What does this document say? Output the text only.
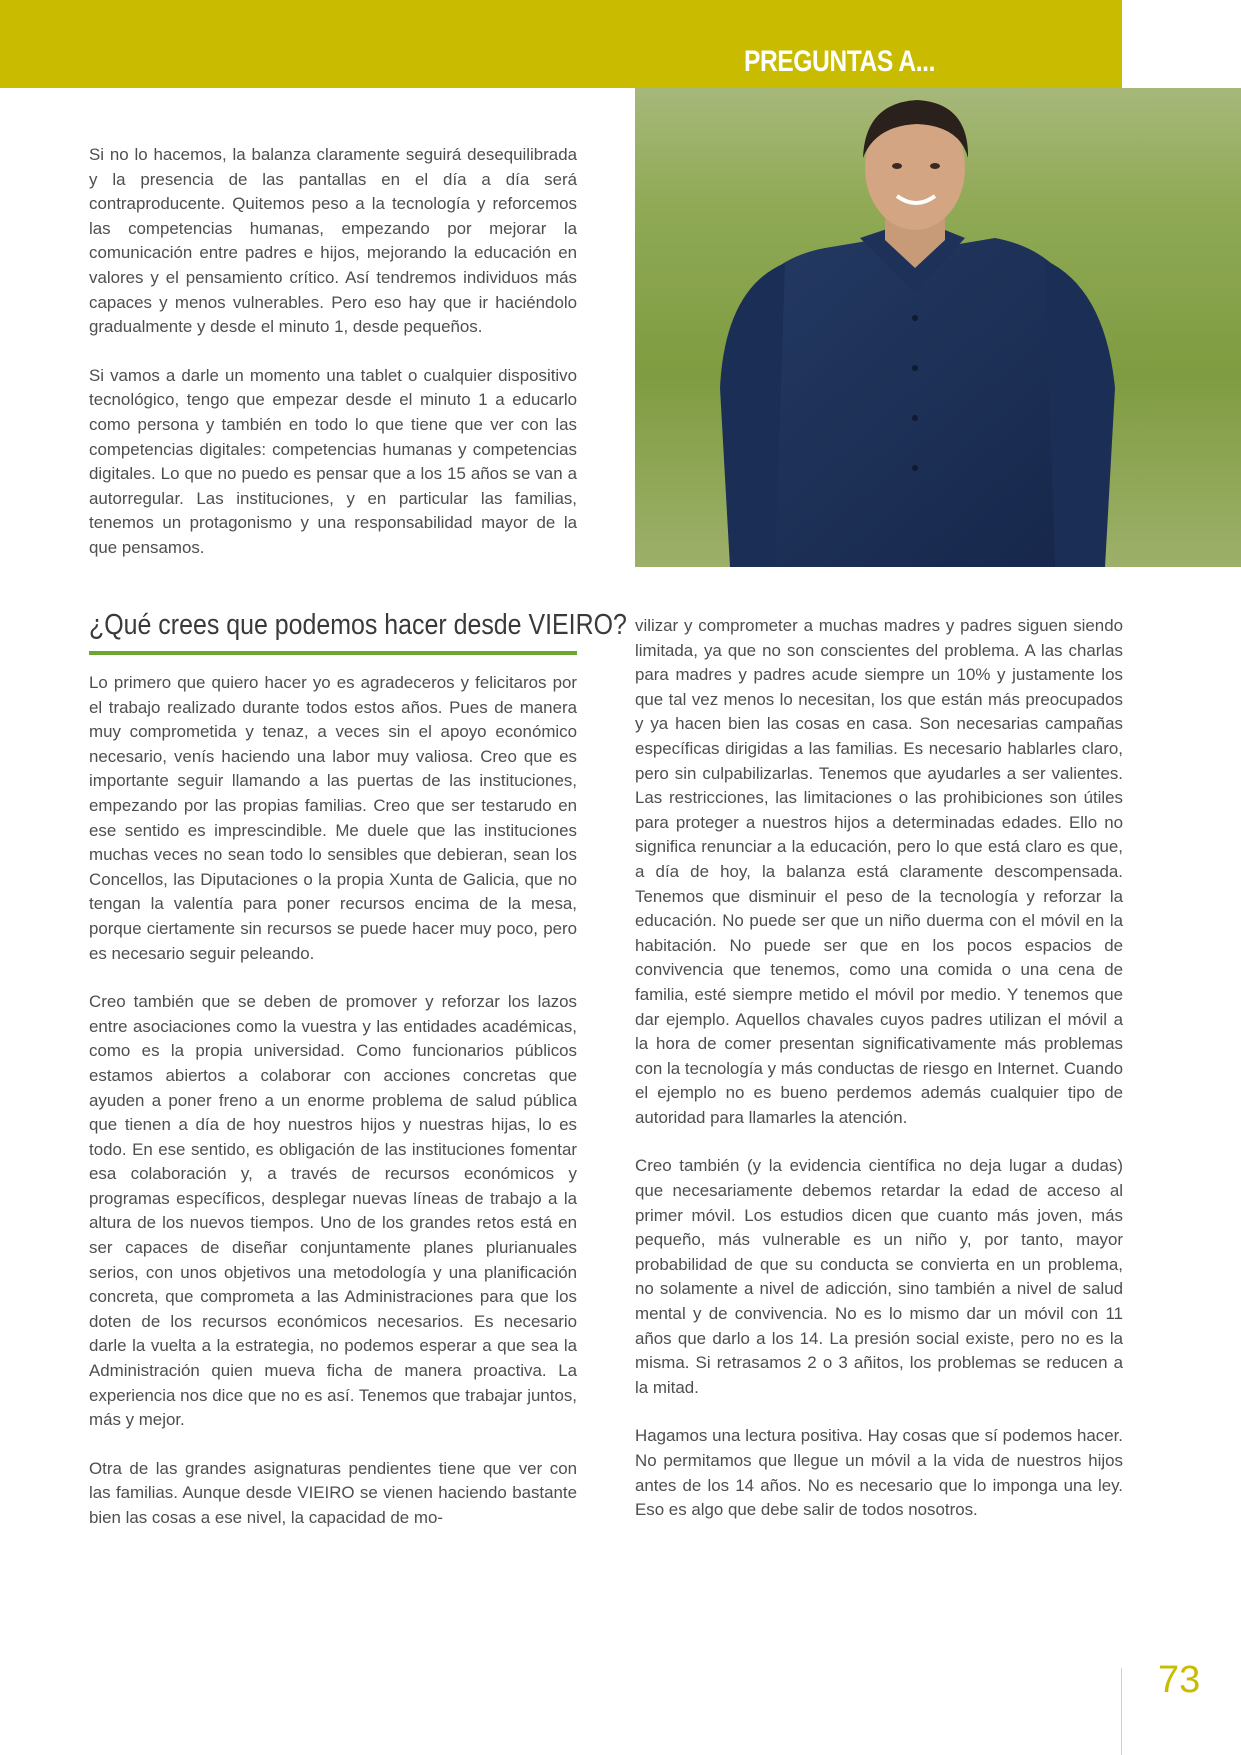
PREGUNTAS A...

Si no lo hacemos, la balanza claramente seguirá desequilibrada y la presencia de las pantallas en el día a día será contraproducente. Quitemos peso a la tecnología y reforcemos las competencias humanas, empezando por mejorar la comunicación entre padres e hijos, mejorando la educación en valores y el pensamiento crítico. Así tendremos individuos más capaces y menos vulnerables. Pero eso hay que ir haciéndolo gradualmente y desde el minuto 1, desde pequeños.

Si vamos a darle un momento una tablet o cualquier dispositivo tecnológico, tengo que empezar desde el minuto 1 a educarlo como persona y también en todo lo que tiene que ver con las competencias digitales: competencias humanas y competencias digitales. Lo que no puedo es pensar que a los 15 años se van a autorregular. Las instituciones, y en particular las familias, tenemos un protagonismo y una responsabilidad mayor de la que pensamos.

¿Qué crees que podemos hacer desde VIEIRO?

Lo primero que quiero hacer yo es agradeceros y felicitaros por el trabajo realizado durante todos estos años. Pues de manera muy comprometida y tenaz, a veces sin el apoyo económico necesario, venís haciendo una labor muy valiosa. Creo que es importante seguir llamando a las puertas de las instituciones, empezando por las propias familias. Creo que ser testarudo en ese sentido es imprescindible. Me duele que las instituciones muchas veces no sean todo lo sensibles que debieran, sean los Concellos, las Diputaciones o la propia Xunta de Galicia, que no tengan la valentía para poner recursos encima de la mesa, porque ciertamente sin recursos se puede hacer muy poco, pero es necesario seguir peleando.

Creo también que se deben de promover y reforzar los lazos entre asociaciones como la vuestra y las entidades académicas, como es la propia universidad. Como funcionarios públicos estamos abiertos a colaborar con acciones concretas que ayuden a poner freno a un enorme problema de salud pública que tienen a día de hoy nuestros hijos y nuestras hijas, lo es todo. En ese sentido, es obligación de las instituciones fomentar esa colaboración y, a través de recursos económicos y programas específicos, desplegar nuevas líneas de trabajo a la altura de los nuevos tiempos. Uno de los grandes retos está en ser capaces de diseñar conjuntamente planes plurianuales serios, con unos objetivos una metodología y una planificación concreta, que comprometa a las Administraciones para que los doten de los recursos económicos necesarios. Es necesario darle la vuelta a la estrategia, no podemos esperar a que sea la Administración quien mueva ficha de manera proactiva. La experiencia nos dice que no es así. Tenemos que trabajar juntos, más y mejor.

Otra de las grandes asignaturas pendientes tiene que ver con las familias. Aunque desde VIEIRO se vienen haciendo bastante bien las cosas a ese nivel, la capacidad de mo-

vilizar y comprometer a muchas madres y padres siguen siendo limitada, ya que no son conscientes del problema. A las charlas para madres y padres acude siempre un 10% y justamente los que tal vez menos lo necesitan, los que están más preocupados y ya hacen bien las cosas en casa. Son necesarias campañas específicas dirigidas a las familias. Es necesario hablarles claro, pero sin culpabilizarlas. Tenemos que ayudarles a ser valientes. Las restricciones, las limitaciones o las prohibiciones son útiles para proteger a nuestros hijos a determinadas edades. Ello no significa renunciar a la educación, pero lo que está claro es que, a día de hoy, la balanza está claramente descompensada. Tenemos que disminuir el peso de la tecnología y reforzar la educación. No puede ser que un niño duerma con el móvil en la habitación. No puede ser que en los pocos espacios de convivencia que tenemos, como una comida o una cena de familia, esté siempre metido el móvil por medio. Y tenemos que dar ejemplo. Aquellos chavales cuyos padres utilizan el móvil a la hora de comer presentan significativamente más problemas con la tecnología y más conductas de riesgo en Internet. Cuando el ejemplo no es bueno perdemos además cualquier tipo de autoridad para llamarles la atención.

Creo también (y la evidencia científica no deja lugar a dudas) que necesariamente debemos retardar la edad de acceso al primer móvil. Los estudios dicen que cuanto más joven, más pequeño, más vulnerable es un niño y, por tanto, mayor probabilidad de que su conducta se convierta en un problema, no solamente a nivel de adicción, sino también a nivel de salud mental y de convivencia. No es lo mismo dar un móvil con 11 años que darlo a los 14. La presión social existe, pero no es la misma. Si retrasamos 2 o 3 añitos, los problemas se reducen a la mitad.

Hagamos una lectura positiva. Hay cosas que sí podemos hacer. No permitamos que llegue un móvil a la vida de nuestros hijos antes de los 14 años. No es necesario que lo imponga una ley. Eso es algo que debe salir de todos nosotros.

73
